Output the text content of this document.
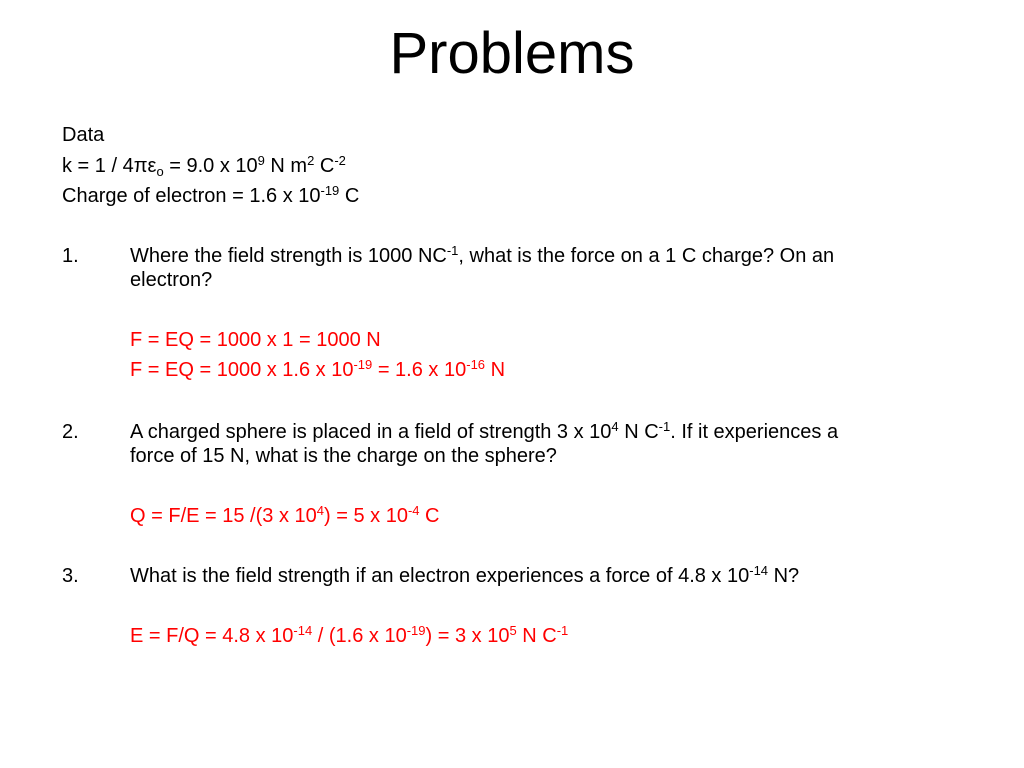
Problems
Data
$k = 1 / 4\pi\varepsilon_o = 9.0$ x $10^9$ N $m^2$ $C^{-2}$
Charge of electron = 1.6 x $10^{-19}$ C
1.	Where the field strength is 1000 $NC^{-1}$, what is the force on a 1 C charge? On an
electron?
F = EQ = 1000 x 1 = 1000 N
F = EQ = 1000 x 1.6 x $10^{-19} = 1.6$ x $10^{-16}$ N
2.	A charged sphere is placed in a field of strength 3 x $10^4$ N $C^{-1}$. If it experiences a
force of 15 N, what is the charge on the sphere?
Q = F/E = 15 /(3 x $10^4) = 5$ x $10^{-4}$ C
3.	What is the field strength if an electron experiences a force of 4.8 x $10^{-14}$ N?
E = F/Q = 4.8 x $10^{-14} / (1.6$ x $10^{-19}) = 3$ x $10^5$ N $C^{-1}$
